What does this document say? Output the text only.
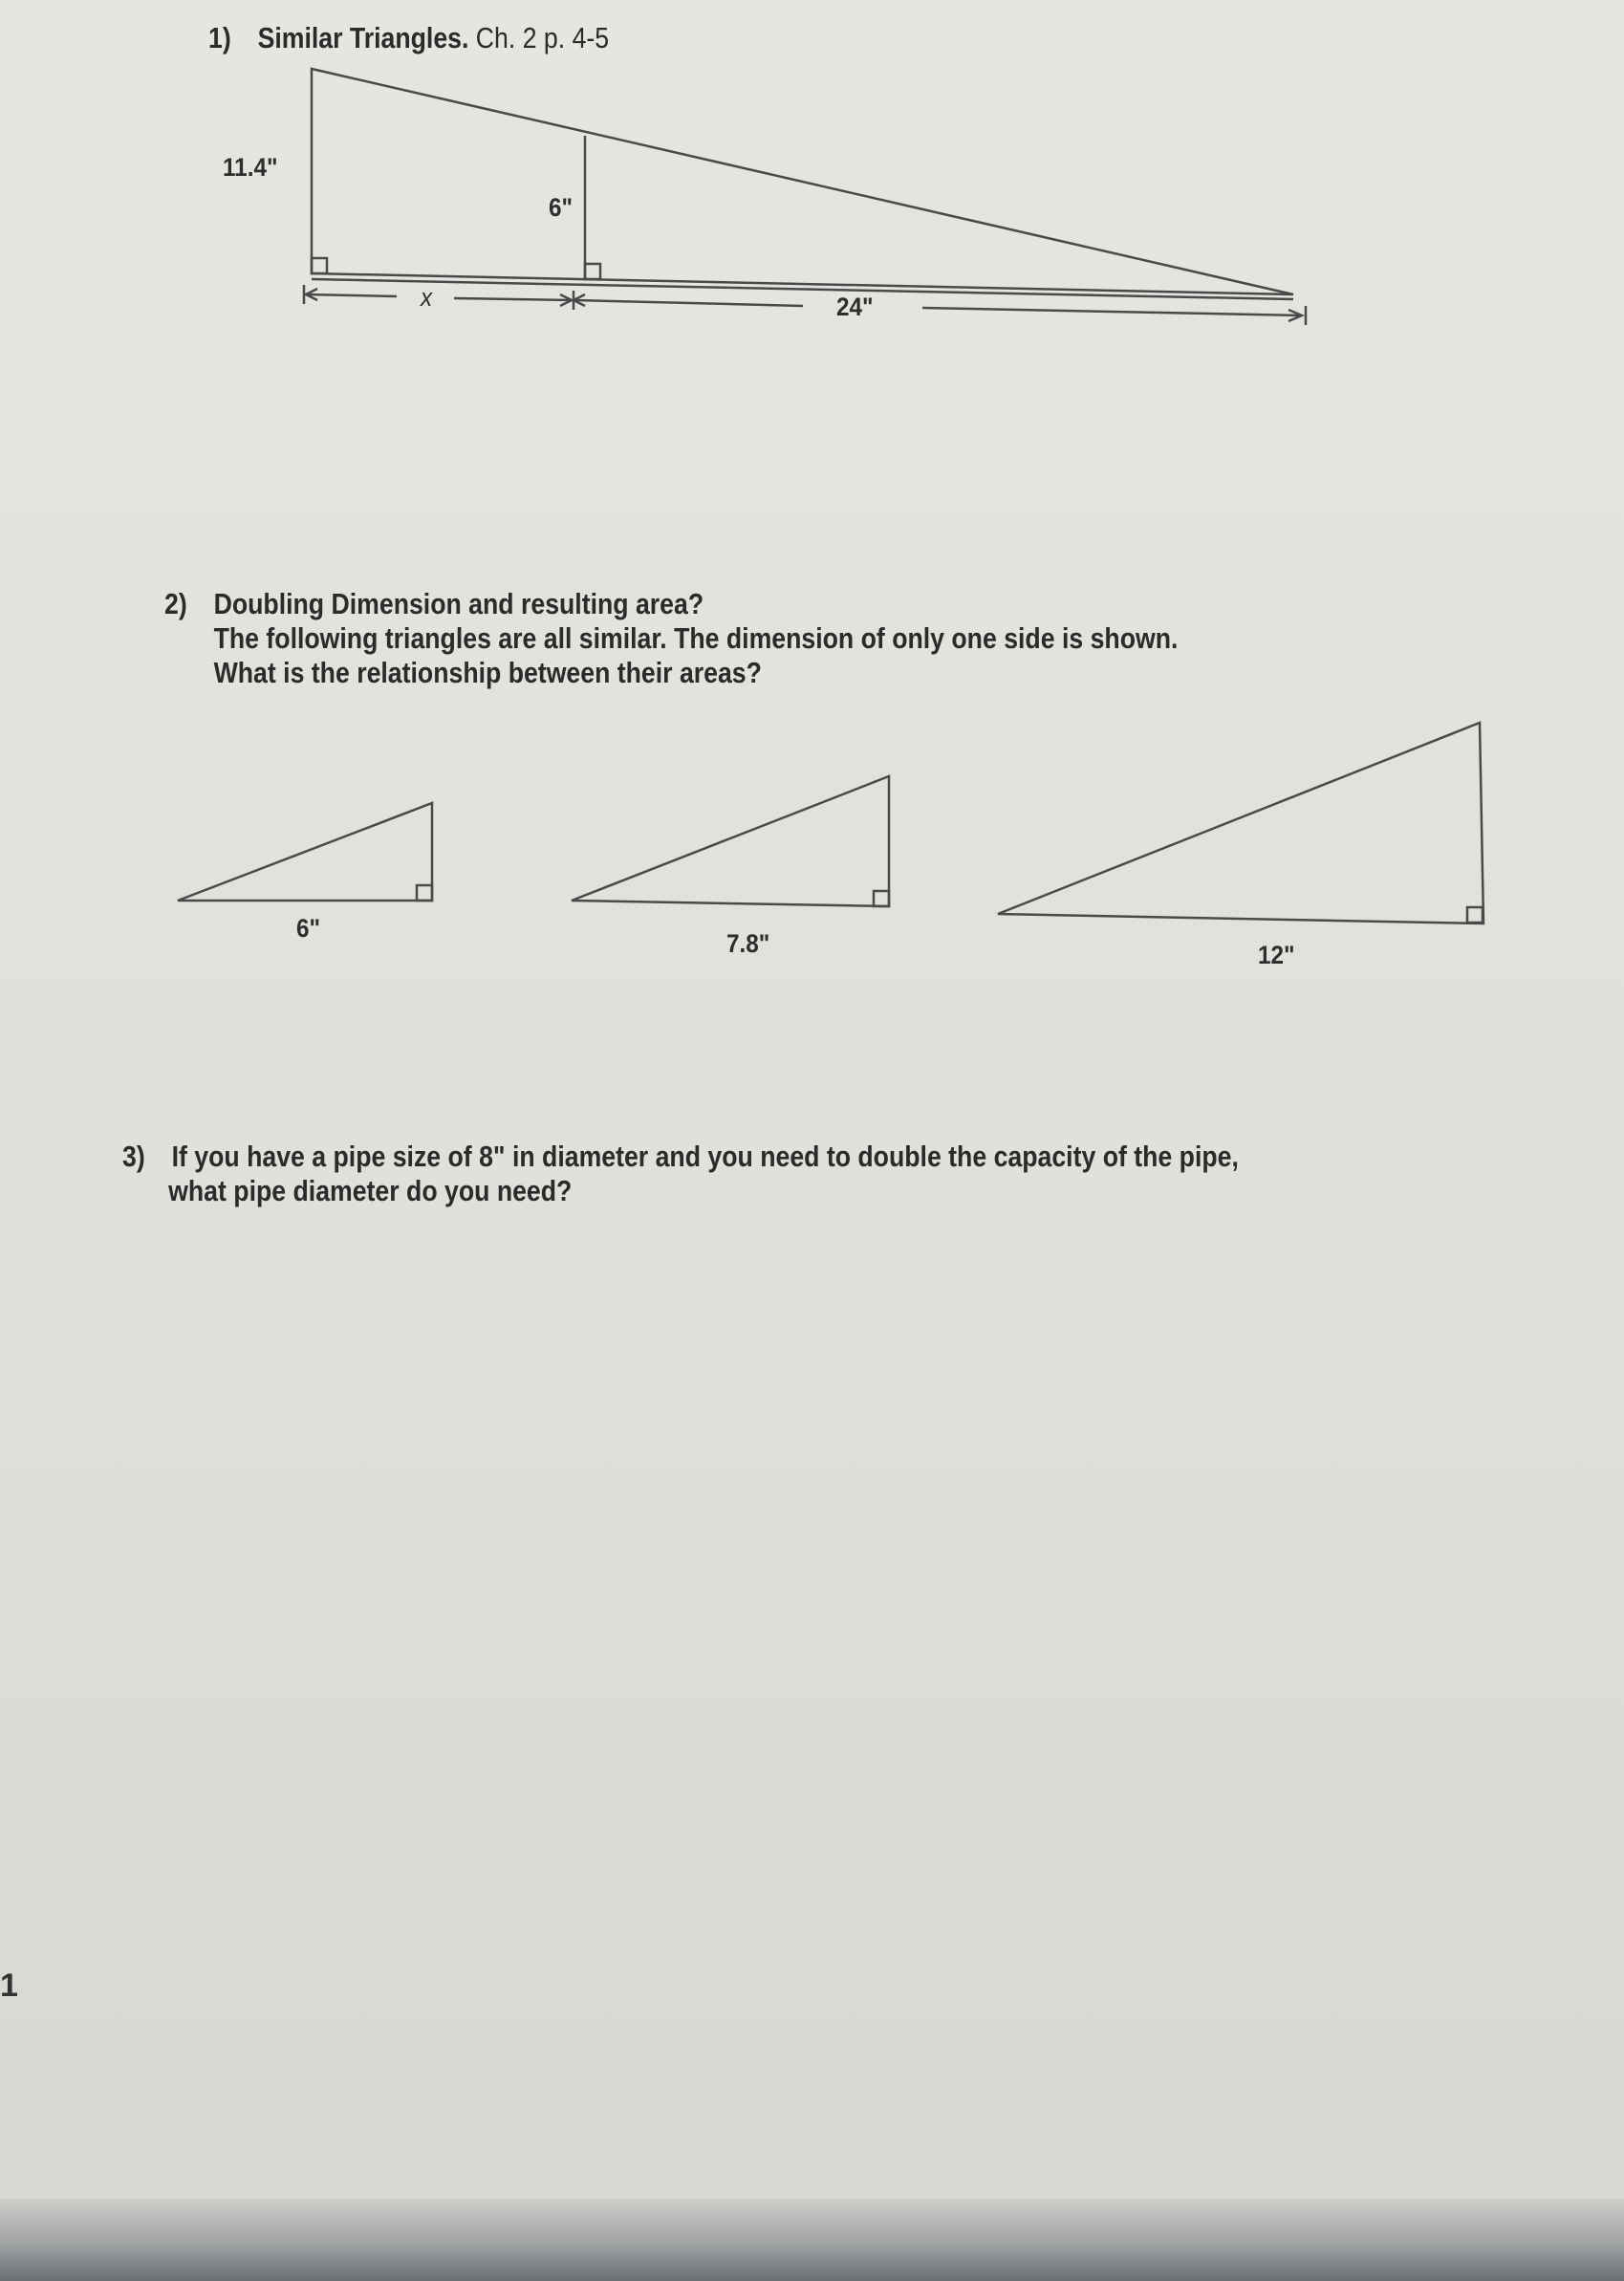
1) Similar Triangles. Ch. 2 p. 4-5
11.4"
6"
x	24"
2) Doubling Dimension and resulting area?
The following triangles are all similar. The dimension of only one side is shown.
What is the relationship between their areas?
6"
7.8"	12"
3) If you have a pipe size of 8" in diameter and you need to double the capacity of the pipe,
what pipe diameter do you need?
1
